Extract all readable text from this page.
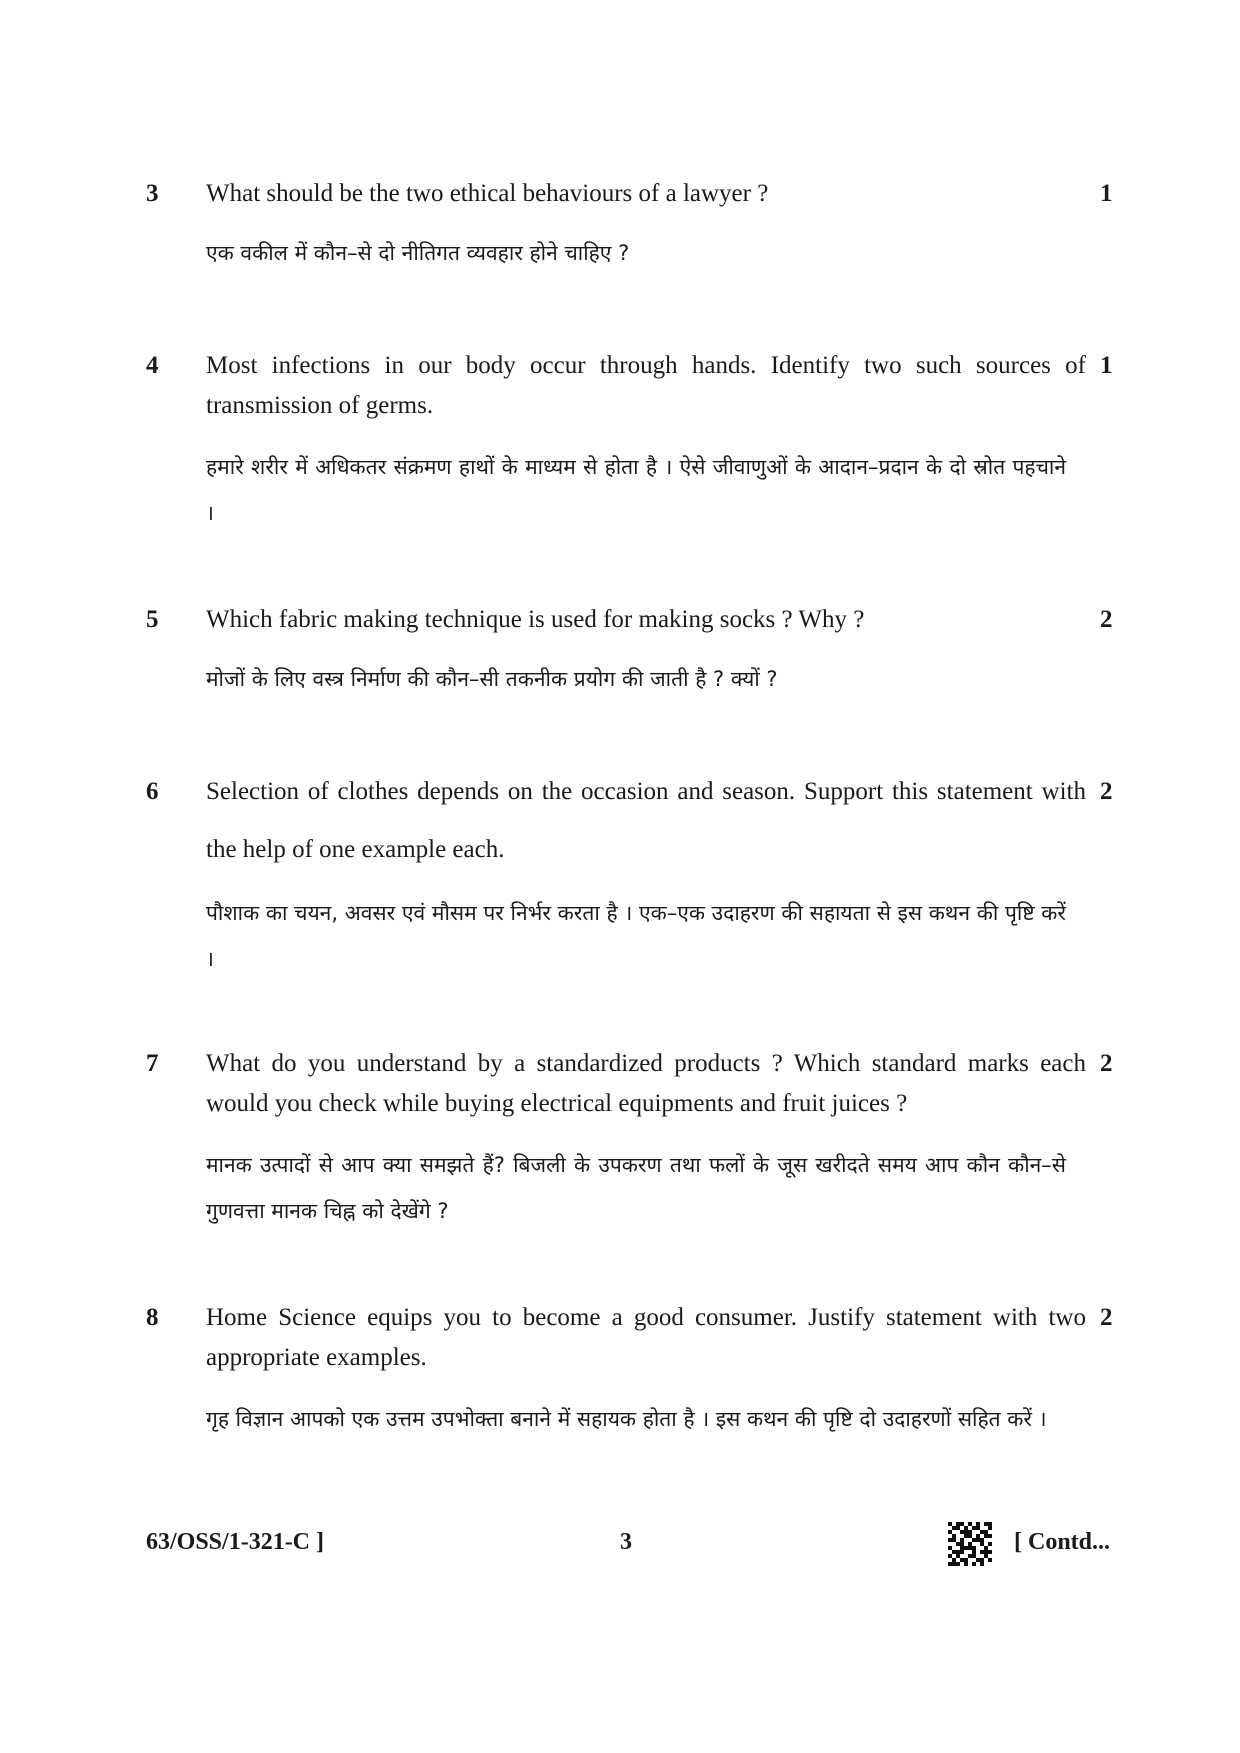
3 What should be the two ethical behaviours of a lawyer ?	1

एक वकील में कौन–से दो नीतिगत व्यवहार होने चाहिए ?

4 Most infections in our body occur through hands. Identify two such sources of transmission of germs.

1

हमारे शरीर में अधिकतर संक्रमण हाथों के माध्यम से होता है । ऐसे जीवाणुओं के आदान–प्रदान के दो स्रोत पहचाने ।

5 Which fabric making technique is used for making socks ? Why ?	2

मोजों के लिए वस्त्र निर्माण की कौन–सी तकनीक प्रयोग की जाती है ? क्यों ?

6 Selection of clothes depends on the occasion and season. Support this statement with the help of one example each.

2

पौशाक का चयन, अवसर एवं मौसम पर निर्भर करता है । एक–एक उदाहरण की सहायता से इस कथन की पृष्टि करें ।

7 What do you understand by a standardized products ? Which standard marks each would you check while buying electrical equipments and fruit juices ?

2

मानक उत्पादों से आप क्या समझते हैं? बिजली के उपकरण तथा फलों के जूस खरीदते समय आप कौन कौन–से गुणवत्ता मानक चिह्न को देखेंगे ?

8 Home Science equips you to become a good consumer. Justify statement with two appropriate examples.

2

गृह विज्ञान आपको एक उत्तम उपभोक्ता बनाने में सहायक होता है । इस कथन की पृष्टि दो उदाहरणों सहित करें ।

63/OSS/1-321-C ]	3	[ Contd...
